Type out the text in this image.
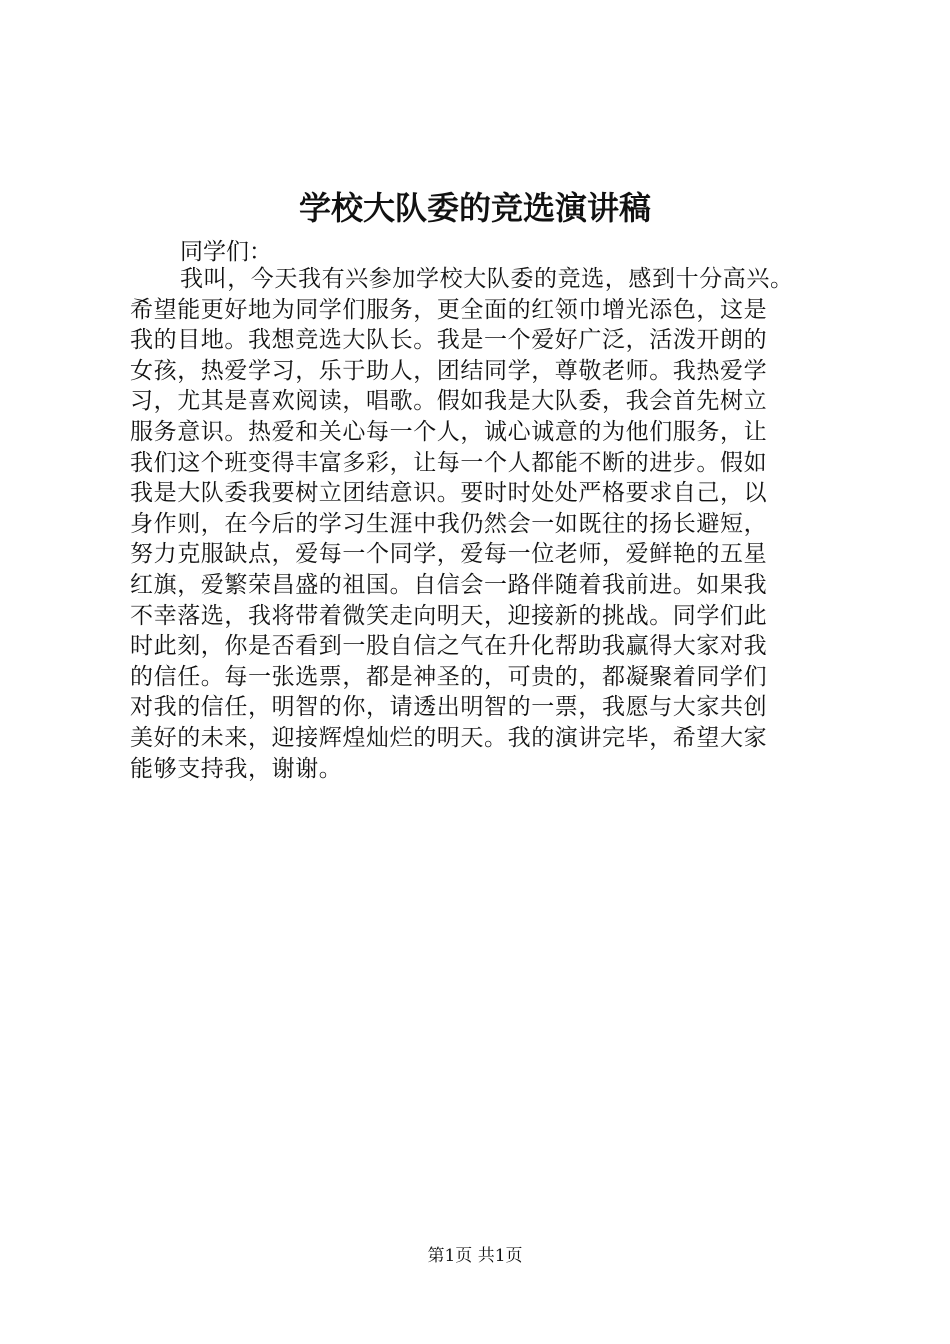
学校大队委的竞选演讲稿
同学们：
我叫，今天我有兴参加学校大队委的竞选，感到十分高兴。
希望能更好地为同学们服务，更全面的红领巾增光添色，这是
我的目地。我想竞选大队长。我是一个爱好广泛，活泼开朗的
女孩，热爱学习，乐于助人，团结同学，尊敬老师。我热爱学
习，尤其是喜欢阅读，唱歌。假如我是大队委，我会首先树立
服务意识。热爱和关心每一个人，诚心诚意的为他们服务，让
我们这个班变得丰富多彩，让每一个人都能不断的进步。假如
我是大队委我要树立团结意识。要时时处处严格要求自己，以
身作则，在今后的学习生涯中我仍然会一如既往的扬长避短，
努力克服缺点，爱每一个同学，爱每一位老师，爱鲜艳的五星
红旗，爱繁荣昌盛的祖国。自信会一路伴随着我前进。如果我
不幸落选，我将带着微笑走向明天，迎接新的挑战。同学们此
时此刻，你是否看到一股自信之气在升化帮助我赢得大家对我
的信任。每一张选票，都是神圣的，可贵的，都凝聚着同学们
对我的信任，明智的你，请透出明智的一票，我愿与大家共创
美好的未来，迎接辉煌灿烂的明天。我的演讲完毕，希望大家
能够支持我，谢谢。
第1页 共1页
